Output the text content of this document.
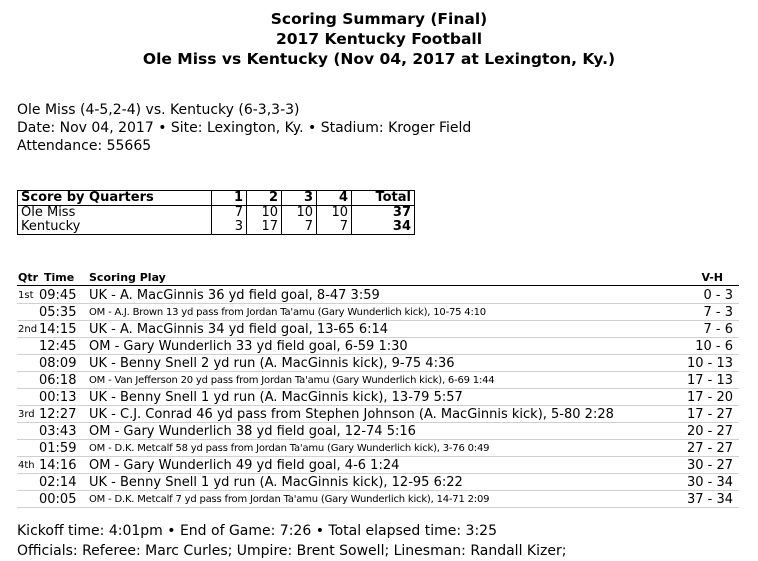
Scoring Summary (Final)
2017 Kentucky Football
Ole Miss vs Kentucky (Nov 04, 2017 at Lexington, Ky.)
Ole Miss (4-5,2-4) vs. Kentucky (6-3,3-3)
Date: Nov 04, 2017 • Site: Lexington, Ky. • Stadium: Kroger Field
Attendance: 55665
Score by Quarters	1	2	3	4	Total
Ole Miss	7	10	10	10	37
Kentucky	3	17	7	7	34
Qtr Time Scoring Play	V-H
1st 09:45 UK - A. MacGinnis 36 yd field goal, 8-47 3:59	0 - 3
05:35 OM - A.J. Brown 13 yd pass from Jordan Ta'amu (Gary Wunderlich kick), 10-75 4:10	7 - 3
2nd 14:15 UK - A. MacGinnis 34 yd field goal, 13-65 6:14	7 - 6
12:45 OM - Gary Wunderlich 33 yd field goal, 6-59 1:30	10 - 6
08:09 UK - Benny Snell 2 yd run (A. MacGinnis kick), 9-75 4:36	10 - 13
06:18 OM - Van Jefferson 20 yd pass from Jordan Ta'amu (Gary Wunderlich kick), 6-69 1:44	17 - 13
00:13 UK - Benny Snell 1 yd run (A. MacGinnis kick), 13-79 5:57	17 - 20
3rd 12:27 UK - C.J. Conrad 46 yd pass from Stephen Johnson (A. MacGinnis kick), 5-80 2:28	17 - 27
03:43 OM - Gary Wunderlich 38 yd field goal, 12-74 5:16	20 - 27
01:59 OM - D.K. Metcalf 58 yd pass from Jordan Ta'amu (Gary Wunderlich kick), 3-76 0:49	27 - 27
4th 14:16 OM - Gary Wunderlich 49 yd field goal, 4-6 1:24	30 - 27
02:14 UK - Benny Snell 1 yd run (A. MacGinnis kick), 12-95 6:22	30 - 34
00:05 OM - D.K. Metcalf 7 yd pass from Jordan Ta'amu (Gary Wunderlich kick), 14-71 2:09	37 - 34
Kickoff time: 4:01pm • End of Game: 7:26 • Total elapsed time: 3:25
Officials: Referee: Marc Curles; Umpire: Brent Sowell; Linesman: Randall Kizer;
